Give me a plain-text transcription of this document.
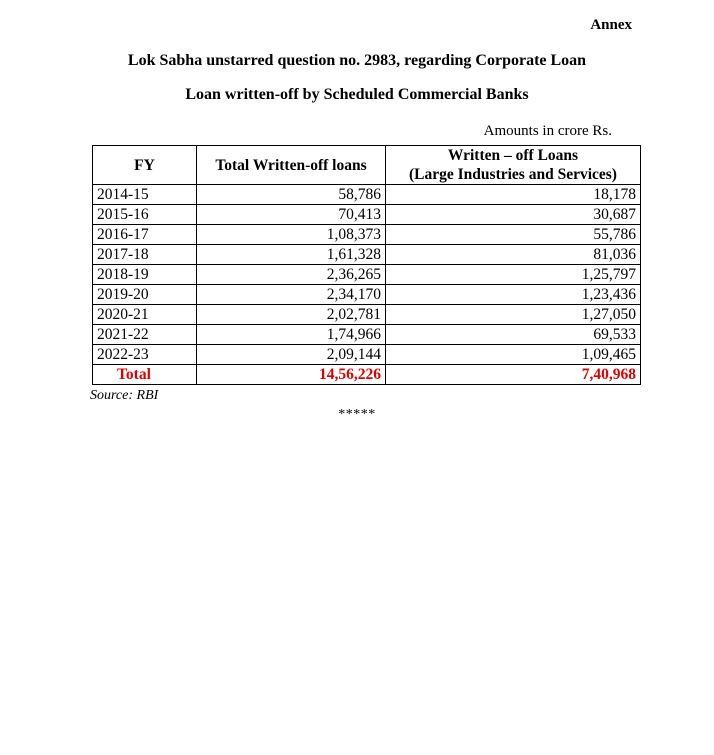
Annex
Lok Sabha unstarred question no. 2983, regarding Corporate Loan
Loan written-off by Scheduled Commercial Banks
Amounts in crore Rs.
FY	Total Written-off loans	Written – off Loans
(Large Industries and Services)

2014-15	58,786	18,178
2015-16	70,413	30,687
2016-17	1,08,373	55,786
2017-18	1,61,328	81,036
2018-19	2,36,265	1,25,797
2019-20	2,34,170	1,23,436
2020-21	2,02,781	1,27,050
2021-22	1,74,966	69,533
2022-23	2,09,144	1,09,465
Total	14,56,226	7,40,968
Source: RBI
*****
